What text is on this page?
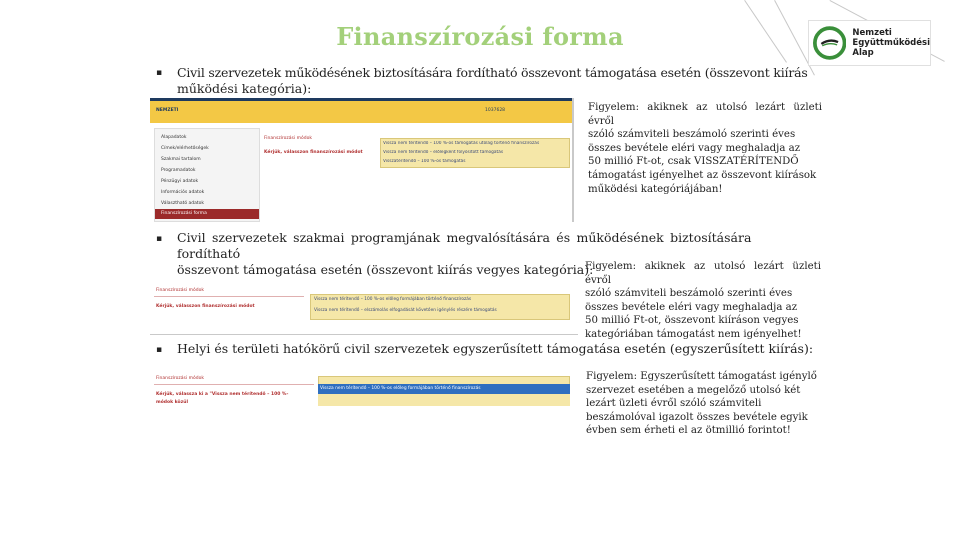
Finanszírozási forma	Nemzeti
Együttműködési
Alap
▪ Civil szervezetek működésének biztosítására fordítható összevont támogatása esetén (összevont kiírás
működési kategória):
NEMZETI	1037628
Alapadatok
Címek/elérhetőségek
Szakmai tartalom
Programadatok
Pénzügyi adatok
Információs adatok
Választható adatok
Finanszírozási forma
Finanszírozási módok
Kérjük, válasszon finanszírozási módot
Vissza nem térítendő – 100 %-os támogatás utólag történő finanszírozás
Vissza nem térítendő – előlegként folyósított támogatás
Visszatérítendő – 100 %-os támogatás
Figyelem: akiknek az utolsó lezárt üzleti évről
szóló számviteli beszámoló szerinti éves
összes bevétele eléri vagy meghaladja az
50 millió Ft-ot, csak VISSZATÉRÍTENDŐ
támogatást igényelhet az összevont kiírások
működési kategóriájában!
▪ Civil szervezetek szakmai programjának megvalósítására és működésének biztosítására fordítható
összevont támogatása esetén (összevont kiírás vegyes kategória):
Finanszírozási módok
Kérjük, válasszon finanszírozási módot
Vissza nem térítendő – 100 %-os előleg formájában történő finanszírozás
Vissza nem térítendő – elszámolás elfogadását követően igénylés részére támogatás
Figyelem: akiknek az utolsó lezárt üzleti évről
szóló számviteli beszámoló szerinti éves
összes bevétele eléri vagy meghaladja az
50 millió Ft-ot, összevont kiíráson vegyes
kategóriában támogatást nem igényelhet!
▪ Helyi és területi hatókörű civil szervezetek egyszerűsített támogatása esetén (egyszerűsített kiírás):
Finanszírozási módok
Kérjük, válassza ki a "Vissza nem térítendő – 100 %-
módok közül
Vissza nem térítendő – 100 %-os előleg formájában történő finanszírozás
Figyelem: Egyszerűsített támogatást igénylő
szervezet esetében a megelőző utolsó két
lezárt üzleti évről szóló számviteli
beszámolóval igazolt összes bevétele egyik
évben sem érheti el az ötmillió forintot!
